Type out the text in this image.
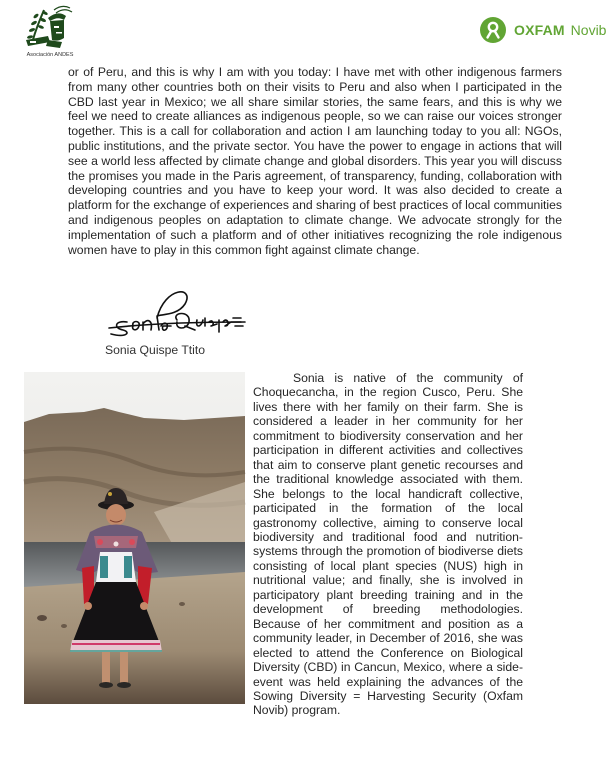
Asociación ANDES
OXFAM Novib

or of Peru, and this is why I am with you today: I have met with other indigenous farmers from many other countries both on their visits to Peru and also when I participated in the CBD last year in Mexico; we all share similar stories, the same fears, and this is why we feel we need to create alliances as indigenous people, so we can raise our voices stronger together. This is a call for collaboration and action I am launching today to you all: NGOs, public institutions, and the private sector. You have the power to engage in actions that will see a world less affected by climate change and global disorders. This year you will discuss the promises you made in the Paris agreement, of transparency, funding, collaboration with developing countries and you have to keep your word. It was also decided to create a platform for the exchange of experiences and sharing of best practices of local communities and indigenous peoples on adaptation to climate change. We advocate strongly for the implementation of such a platform and of other initiatives recognizing the role indigenous women have to play in this common fight against climate change.

Sonia Quispe Ttito

Sonia is native of the community of Choquecancha, in the region Cusco, Peru. She lives there with her family on their farm. She is considered a leader in her community for her commitment to biodiversity conservation and her participation in different activities and collectives that aim to conserve plant genetic recourses and the traditional knowledge associated with them. She belongs to the local handicraft collective, participated in the formation of the local gastronomy collective, aiming to conserve local biodiversity and traditional food and nutrition-systems through the promotion of biodiverse diets consisting of local plant species (NUS) high in nutritional value; and finally, she is involved in participatory plant breeding training and in the development of breeding methodologies. Because of her commitment and position as a community leader, in December of 2016, she was elected to attend the Conference on Biological Diversity (CBD) in Cancun, Mexico, where a side-event was held explaining the advances of the Sowing Diversity = Harvesting Security (Oxfam Novib) program.
